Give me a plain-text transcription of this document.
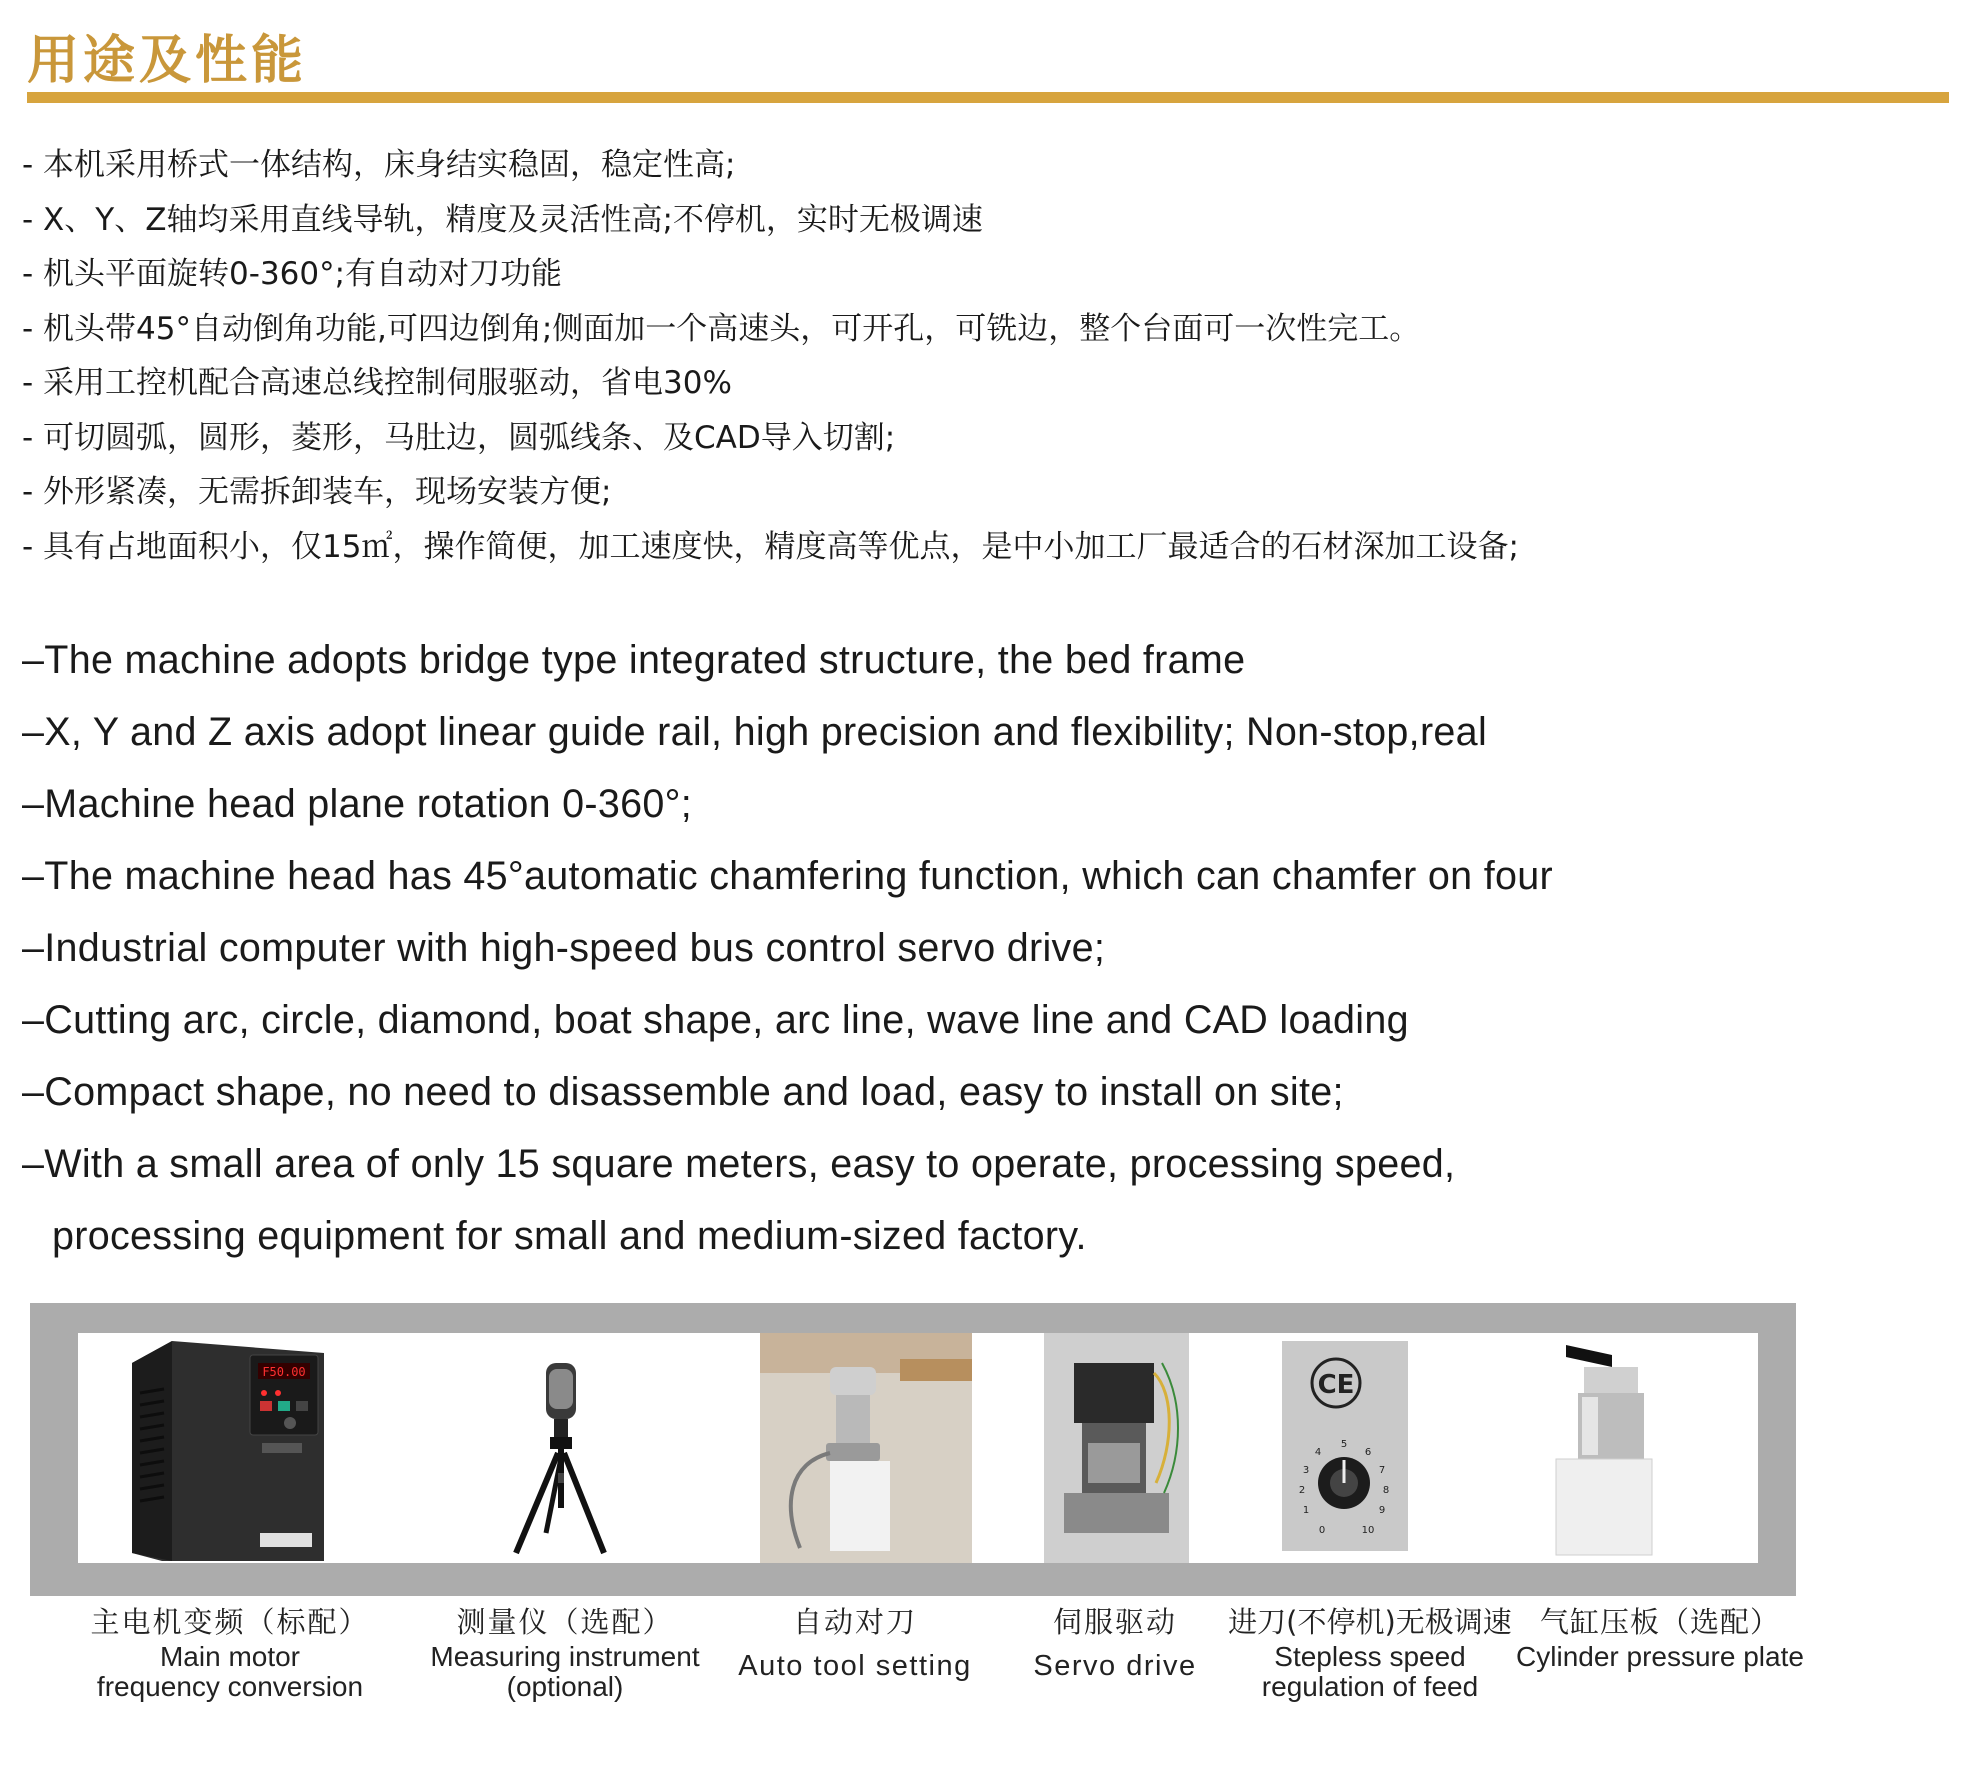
用途及性能
- 本机采用桥式一体结构，床身结实稳固，稳定性高;
- X、Y、Z轴均采用直线导轨，精度及灵活性高;不停机，实时无极调速
- 机头平面旋转0-360°;有自动对刀功能
- 机头带45°自动倒角功能,可四边倒角;侧面加一个高速头，可开孔，可铣边，整个台面可一次性完工。
- 采用工控机配合高速总线控制伺服驱动，省电30%
- 可切圆弧，圆形，菱形，马肚边，圆弧线条、及CAD导入切割;
- 外形紧凑，无需拆卸装车，现场安装方便;
- 具有占地面积小，仅15㎡，操作简便，加工速度快，精度高等优点，是中小加工厂最适合的石材深加工设备;
–The machine adopts bridge type integrated structure, the bed frame
–X, Y and Z axis adopt linear guide rail, high precision and flexibility; Non-stop,real
–Machine head plane rotation 0-360°;
–The machine head has 45°automatic chamfering function, which can chamfer on four
–Industrial computer with high-speed bus control servo drive;
–Cutting arc, circle, diamond, boat shape, arc line, wave line and CAD loading
–Compact shape, no need to disassemble and load, easy to install on site;
–With a small area of only 15 square meters, easy to operate, processing speed,
processing equipment for small and medium-sized factory.
F50.00	CE
0
1
2
3
4
5
6
7
8
9
10
主电机变频（标配）
Main motor
frequency conversion
测量仪（选配）
Measuring instrument
(optional)
自动对刀
Auto tool setting
伺服驱动
Servo drive
进刀(不停机)无极调速
Stepless speed
regulation of feed
气缸压板（选配）
Cylinder pressure plate
